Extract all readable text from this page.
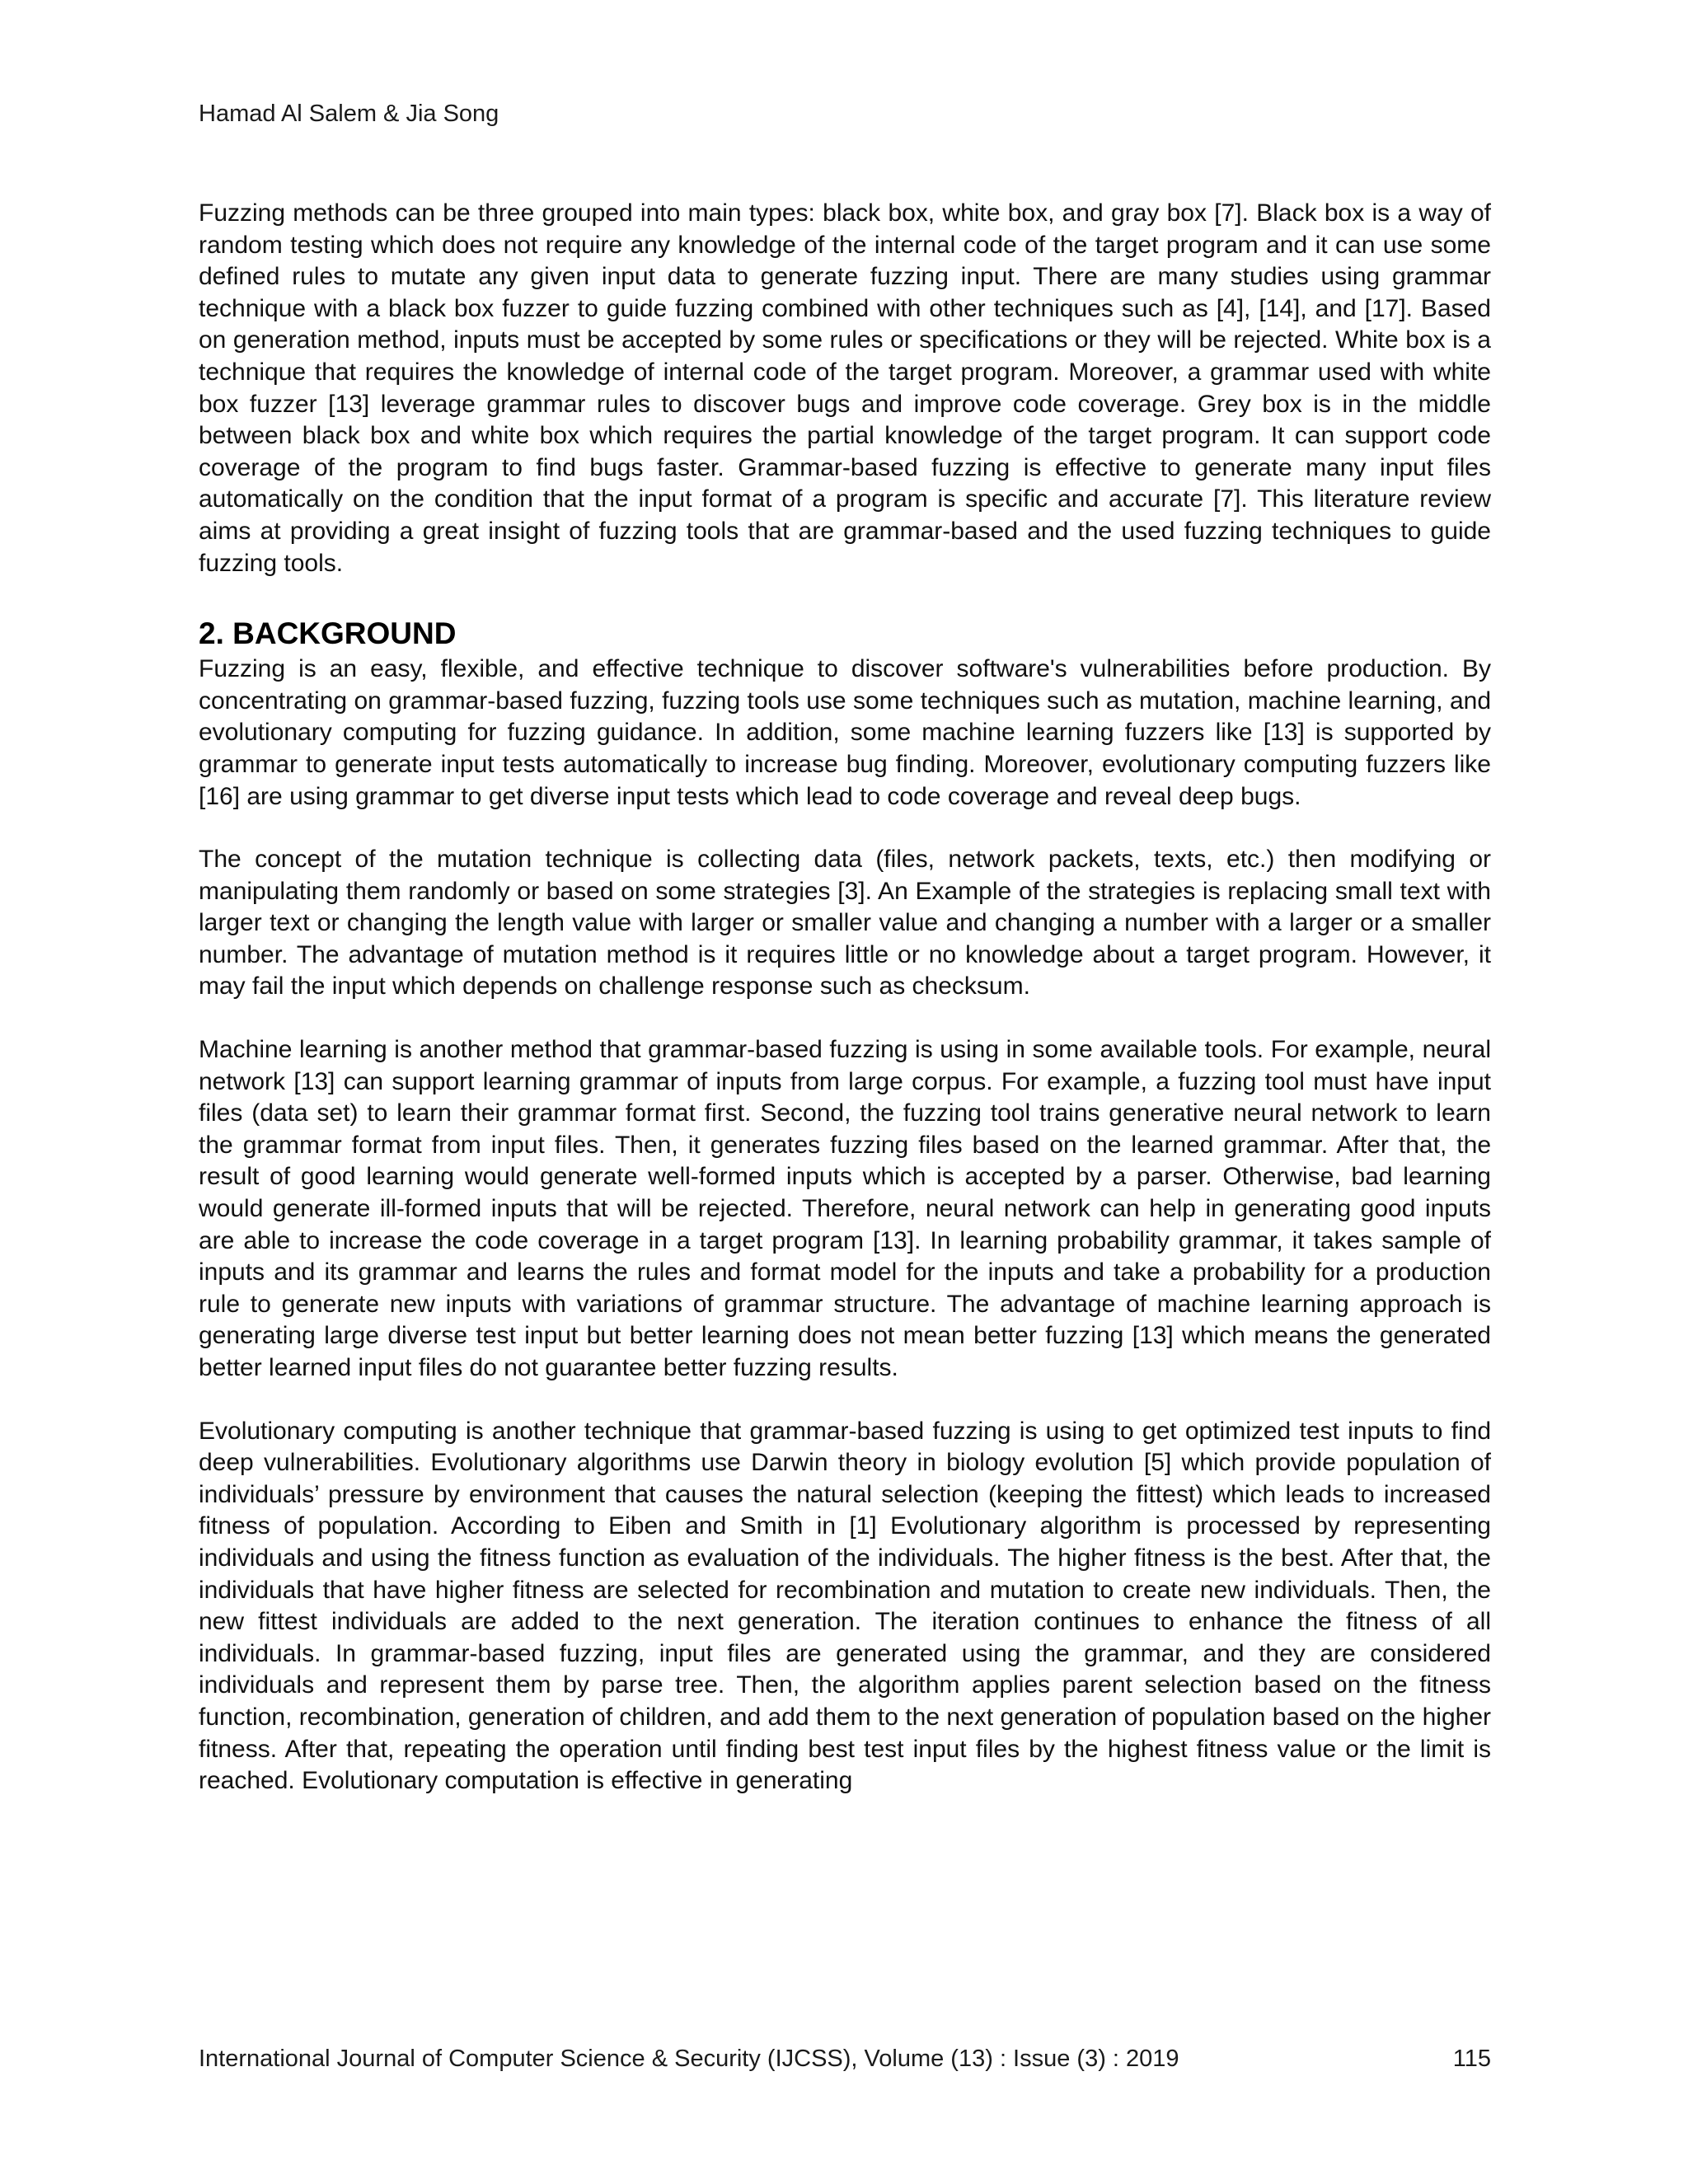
Hamad Al Salem & Jia Song

Fuzzing methods can be three grouped into main types: black box, white box, and gray box [7]. Black box is a way of random testing which does not require any knowledge of the internal code of the target program and it can use some defined rules to mutate any given input data to generate fuzzing input. There are many studies using grammar technique with a black box fuzzer to guide fuzzing combined with other techniques such as [4], [14], and [17]. Based on generation method, inputs must be accepted by some rules or specifications or they will be rejected. White box is a technique that requires the knowledge of internal code of the target program. Moreover, a grammar used with white box fuzzer [13] leverage grammar rules to discover bugs and improve code coverage. Grey box is in the middle between black box and white box which requires the partial knowledge of the target program. It can support code coverage of the program to find bugs faster. Grammar-based fuzzing is effective to generate many input files automatically on the condition that the input format of a program is specific and accurate [7]. This literature review aims at providing a great insight of fuzzing tools that are grammar-based and the used fuzzing techniques to guide fuzzing tools.

2. BACKGROUND

Fuzzing is an easy, flexible, and effective technique to discover software's vulnerabilities before production. By concentrating on grammar-based fuzzing, fuzzing tools use some techniques such as mutation, machine learning, and evolutionary computing for fuzzing guidance. In addition, some machine learning fuzzers like [13] is supported by grammar to generate input tests automatically to increase bug finding. Moreover, evolutionary computing fuzzers like [16] are using grammar to get diverse input tests which lead to code coverage and reveal deep bugs.

The concept of the mutation technique is collecting data (files, network packets, texts, etc.) then modifying or manipulating them randomly or based on some strategies [3]. An Example of the strategies is replacing small text with larger text or changing the length value with larger or smaller value and changing a number with a larger or a smaller number. The advantage of mutation method is it requires little or no knowledge about a target program. However, it may fail the input which depends on challenge response such as checksum.

Machine learning is another method that grammar-based fuzzing is using in some available tools. For example, neural network [13] can support learning grammar of inputs from large corpus. For example, a fuzzing tool must have input files (data set) to learn their grammar format first. Second, the fuzzing tool trains generative neural network to learn the grammar format from input files. Then, it generates fuzzing files based on the learned grammar. After that, the result of good learning would generate well-formed inputs which is accepted by a parser. Otherwise, bad learning would generate ill-formed inputs that will be rejected. Therefore, neural network can help in generating good inputs are able to increase the code coverage in a target program [13]. In learning probability grammar, it takes sample of inputs and its grammar and learns the rules and format model for the inputs and take a probability for a production rule to generate new inputs with variations of grammar structure. The advantage of machine learning approach is generating large diverse test input but better learning does not mean better fuzzing [13] which means the generated better learned input files do not guarantee better fuzzing results.

Evolutionary computing is another technique that grammar-based fuzzing is using to get optimized test inputs to find deep vulnerabilities. Evolutionary algorithms use Darwin theory in biology evolution [5] which provide population of individuals’ pressure by environment that causes the natural selection (keeping the fittest) which leads to increased fitness of population. According to Eiben and Smith in [1] Evolutionary algorithm is processed by representing individuals and using the fitness function as evaluation of the individuals. The higher fitness is the best. After that, the individuals that have higher fitness are selected for recombination and mutation to create new individuals. Then, the new fittest individuals are added to the next generation. The iteration continues to enhance the fitness of all individuals. In grammar-based fuzzing, input files are generated using the grammar, and they are considered individuals and represent them by parse tree. Then, the algorithm applies parent selection based on the fitness function, recombination, generation of children, and add them to the next generation of population based on the higher fitness. After that, repeating the operation until finding best test input files by the highest fitness value or the limit is reached. Evolutionary computation is effective in generating

International Journal of Computer Science & Security (IJCSS), Volume (13) : Issue (3) : 2019	115
